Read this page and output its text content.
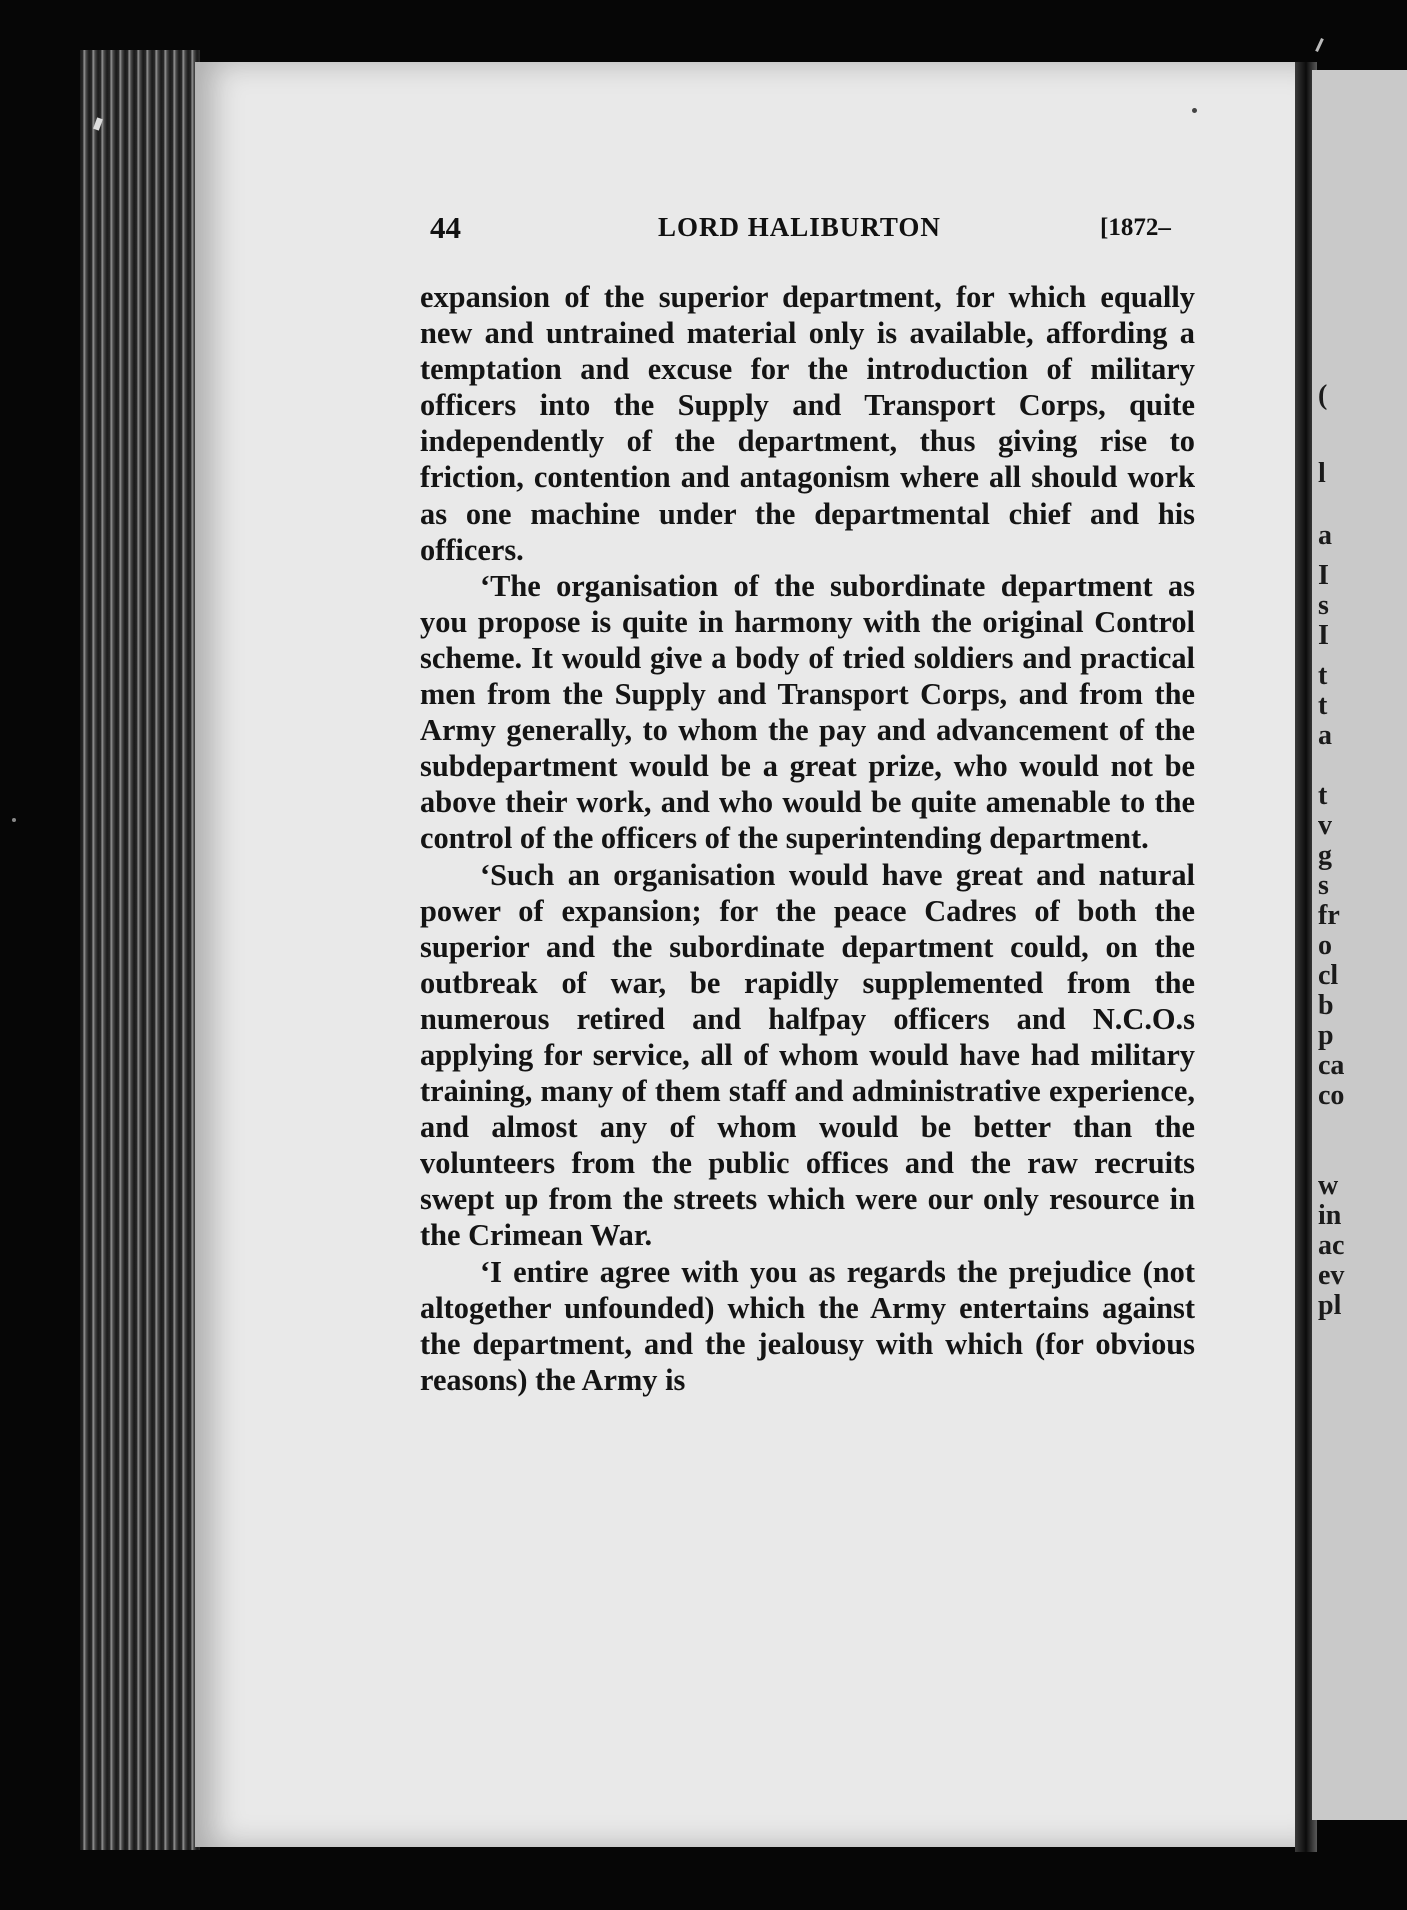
(
l
a
I
s
I
t
t
a
t
v
g
s
fr
o
cl
b
p
ca
co
w
in
ac
ev
pl
44	LORD HALIBURTON	[1872–

expansion of the superior department, for which equally new and untrained material only is available, affording a temptation and excuse for the introduction of military officers into the Supply and Transport Corps, quite independently of the department, thus giving rise to friction, contention and antagonism where all should work as one machine under the departmental chief and his officers.

‘The organisation of the subordinate department as you propose is quite in harmony with the original Control scheme. It would give a body of tried soldiers and practical men from the Supply and Transport Corps, and from the Army generally, to whom the pay and advancement of the subdepartment would be a great prize, who would not be above their work, and who would be quite amenable to the control of the officers of the superintending department.

‘Such an organisation would have great and natural power of expansion; for the peace Cadres of both the superior and the subordinate department could, on the outbreak of war, be rapidly supplemented from the numerous retired and halfpay officers and N.C.O.s applying for service, all of whom would have had military training, many of them staff and administrative experience, and almost any of whom would be better than the volunteers from the public offices and the raw recruits swept up from the streets which were our only resource in the Crimean War.

‘I entire agree with you as regards the prejudice (not altogether unfounded) which the Army entertains against the department, and the jealousy with which (for obvious reasons) the Army is
